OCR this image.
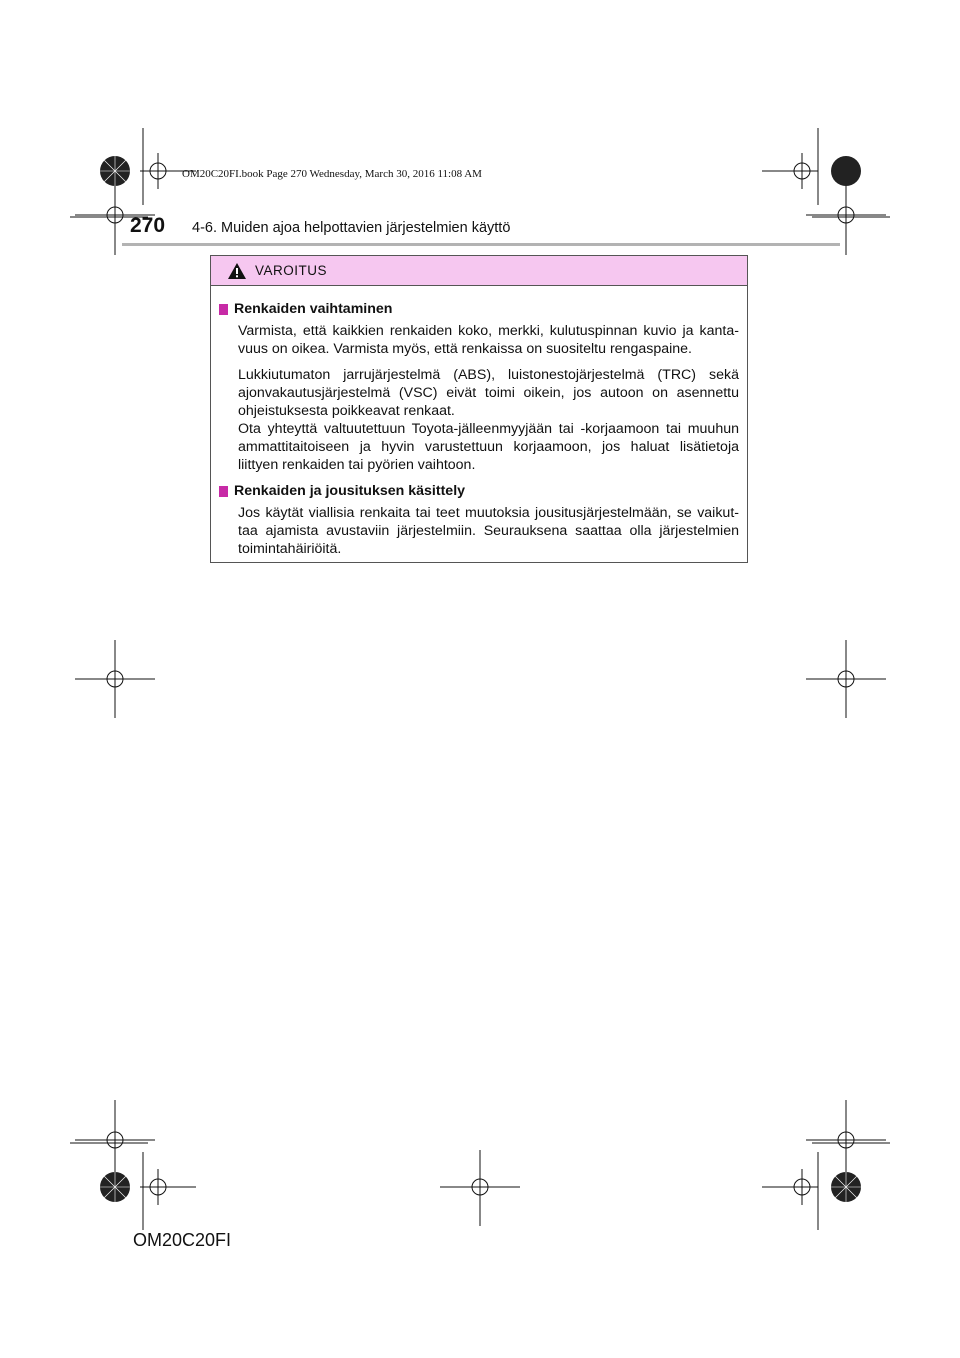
OM20C20FI.book Page 270 Wednesday, March 30, 2016 11:08 AM
270 4-6. Muiden ajoa helpottavien järjestelmien käyttö
VAROITUS
Renkaiden vaihtaminen
Varmista, että kaikkien renkaiden koko, merkki, kulutuspinnan kuvio ja kanta-
vuus on oikea. Varmista myös, että renkaissa on suositeltu rengaspaine.
Lukkiutumaton jarrujärjestelmä (ABS), luistonestojärjestelmä (TRC) sekä
ajonvakautusjärjestelmä (VSC) eivät toimi oikein, jos autoon on asennettu
ohjeistuksesta poikkeavat renkaat.
Ota yhteyttä valtuutettuun Toyota-jälleenmyyjään tai -korjaamoon tai muuhun
ammattitaitoiseen ja hyvin varustettuun korjaamoon, jos haluat lisätietoja
liittyen renkaiden tai pyörien vaihtoon.
Renkaiden ja jousituksen käsittely
Jos käytät viallisia renkaita tai teet muutoksia jousitusjärjestelmään, se vaikut-
taa ajamista avustaviin järjestelmiin. Seurauksena saattaa olla järjestelmien
toimintahäiriöitä.
OM20C20FI
